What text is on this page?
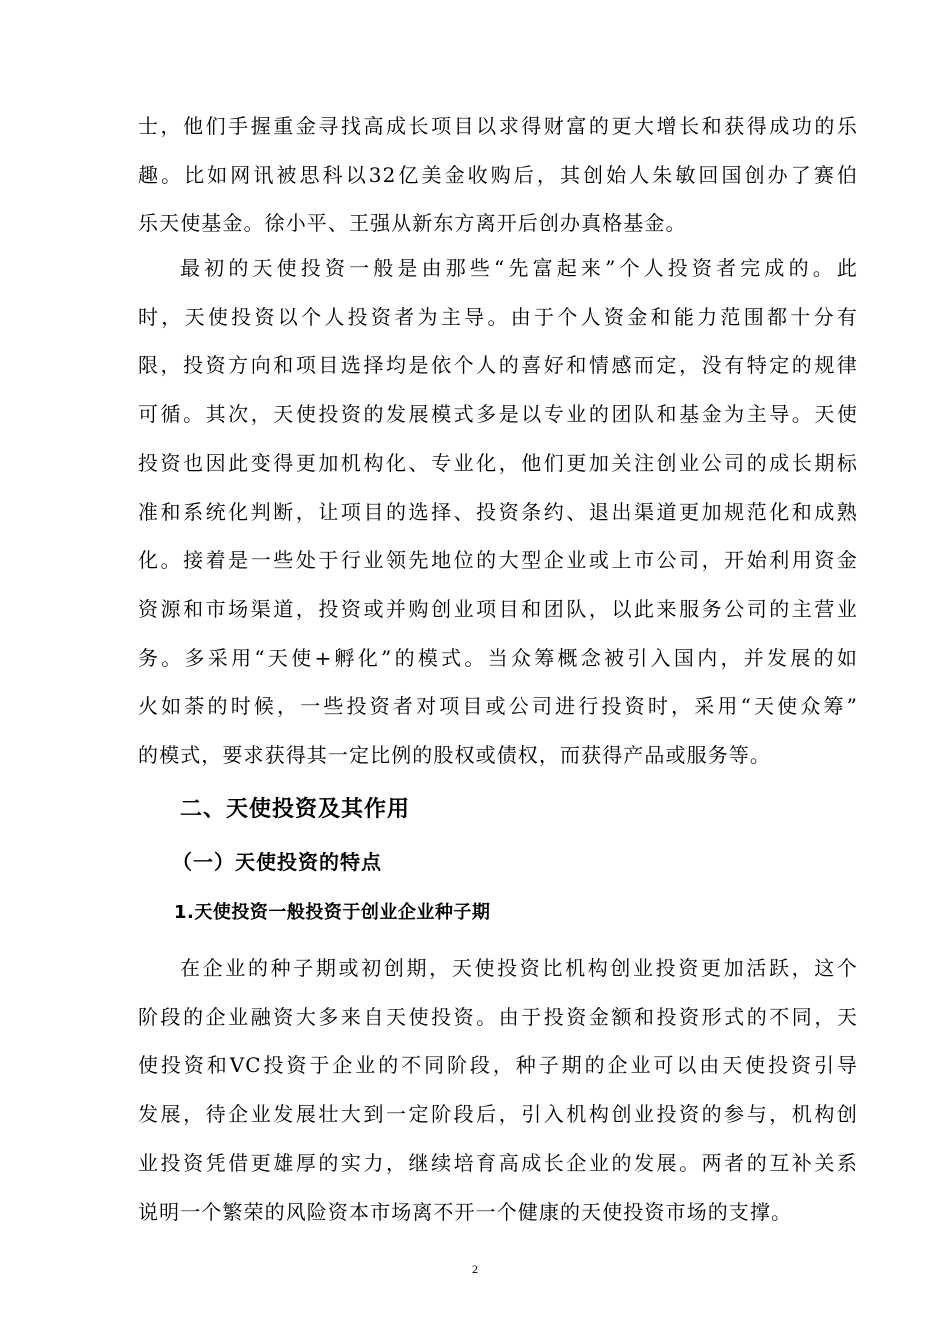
士，他们手握重金寻找高成长项目以求得财富的更大增长和获得成功的乐
趣。比如网讯被思科以32亿美金收购后，其创始人朱敏回国创办了赛伯
乐天使基金。徐小平、王强从新东方离开后创办真格基金。
最初的天使投资一般是由那些“先富起来”个人投资者完成的。此
时，天使投资以个人投资者为主导。由于个人资金和能力范围都十分有
限，投资方向和项目选择均是依个人的喜好和情感而定，没有特定的规律
可循。其次，天使投资的发展模式多是以专业的团队和基金为主导。天使
投资也因此变得更加机构化、专业化，他们更加关注创业公司的成长期标
准和系统化判断，让项目的选择、投资条约、退出渠道更加规范化和成熟
化。接着是一些处于行业领先地位的大型企业或上市公司，开始利用资金
资源和市场渠道，投资或并购创业项目和团队，以此来服务公司的主营业
务。多采用“天使+孵化”的模式。当众筹概念被引入国内，并发展的如
火如荼的时候，一些投资者对项目或公司进行投资时，采用“天使众筹”
的模式，要求获得其一定比例的股权或债权，而获得产品或服务等。
二、天使投资及其作用
（一）天使投资的特点
1.天使投资一般投资于创业企业种子期
在企业的种子期或初创期，天使投资比机构创业投资更加活跃，这个
阶段的企业融资大多来自天使投资。由于投资金额和投资形式的不同，天
使投资和VC投资于企业的不同阶段，种子期的企业可以由天使投资引导
发展，待企业发展壮大到一定阶段后，引入机构创业投资的参与，机构创
业投资凭借更雄厚的实力，继续培育高成长企业的发展。两者的互补关系
说明一个繁荣的风险资本市场离不开一个健康的天使投资市场的支撑。
2
